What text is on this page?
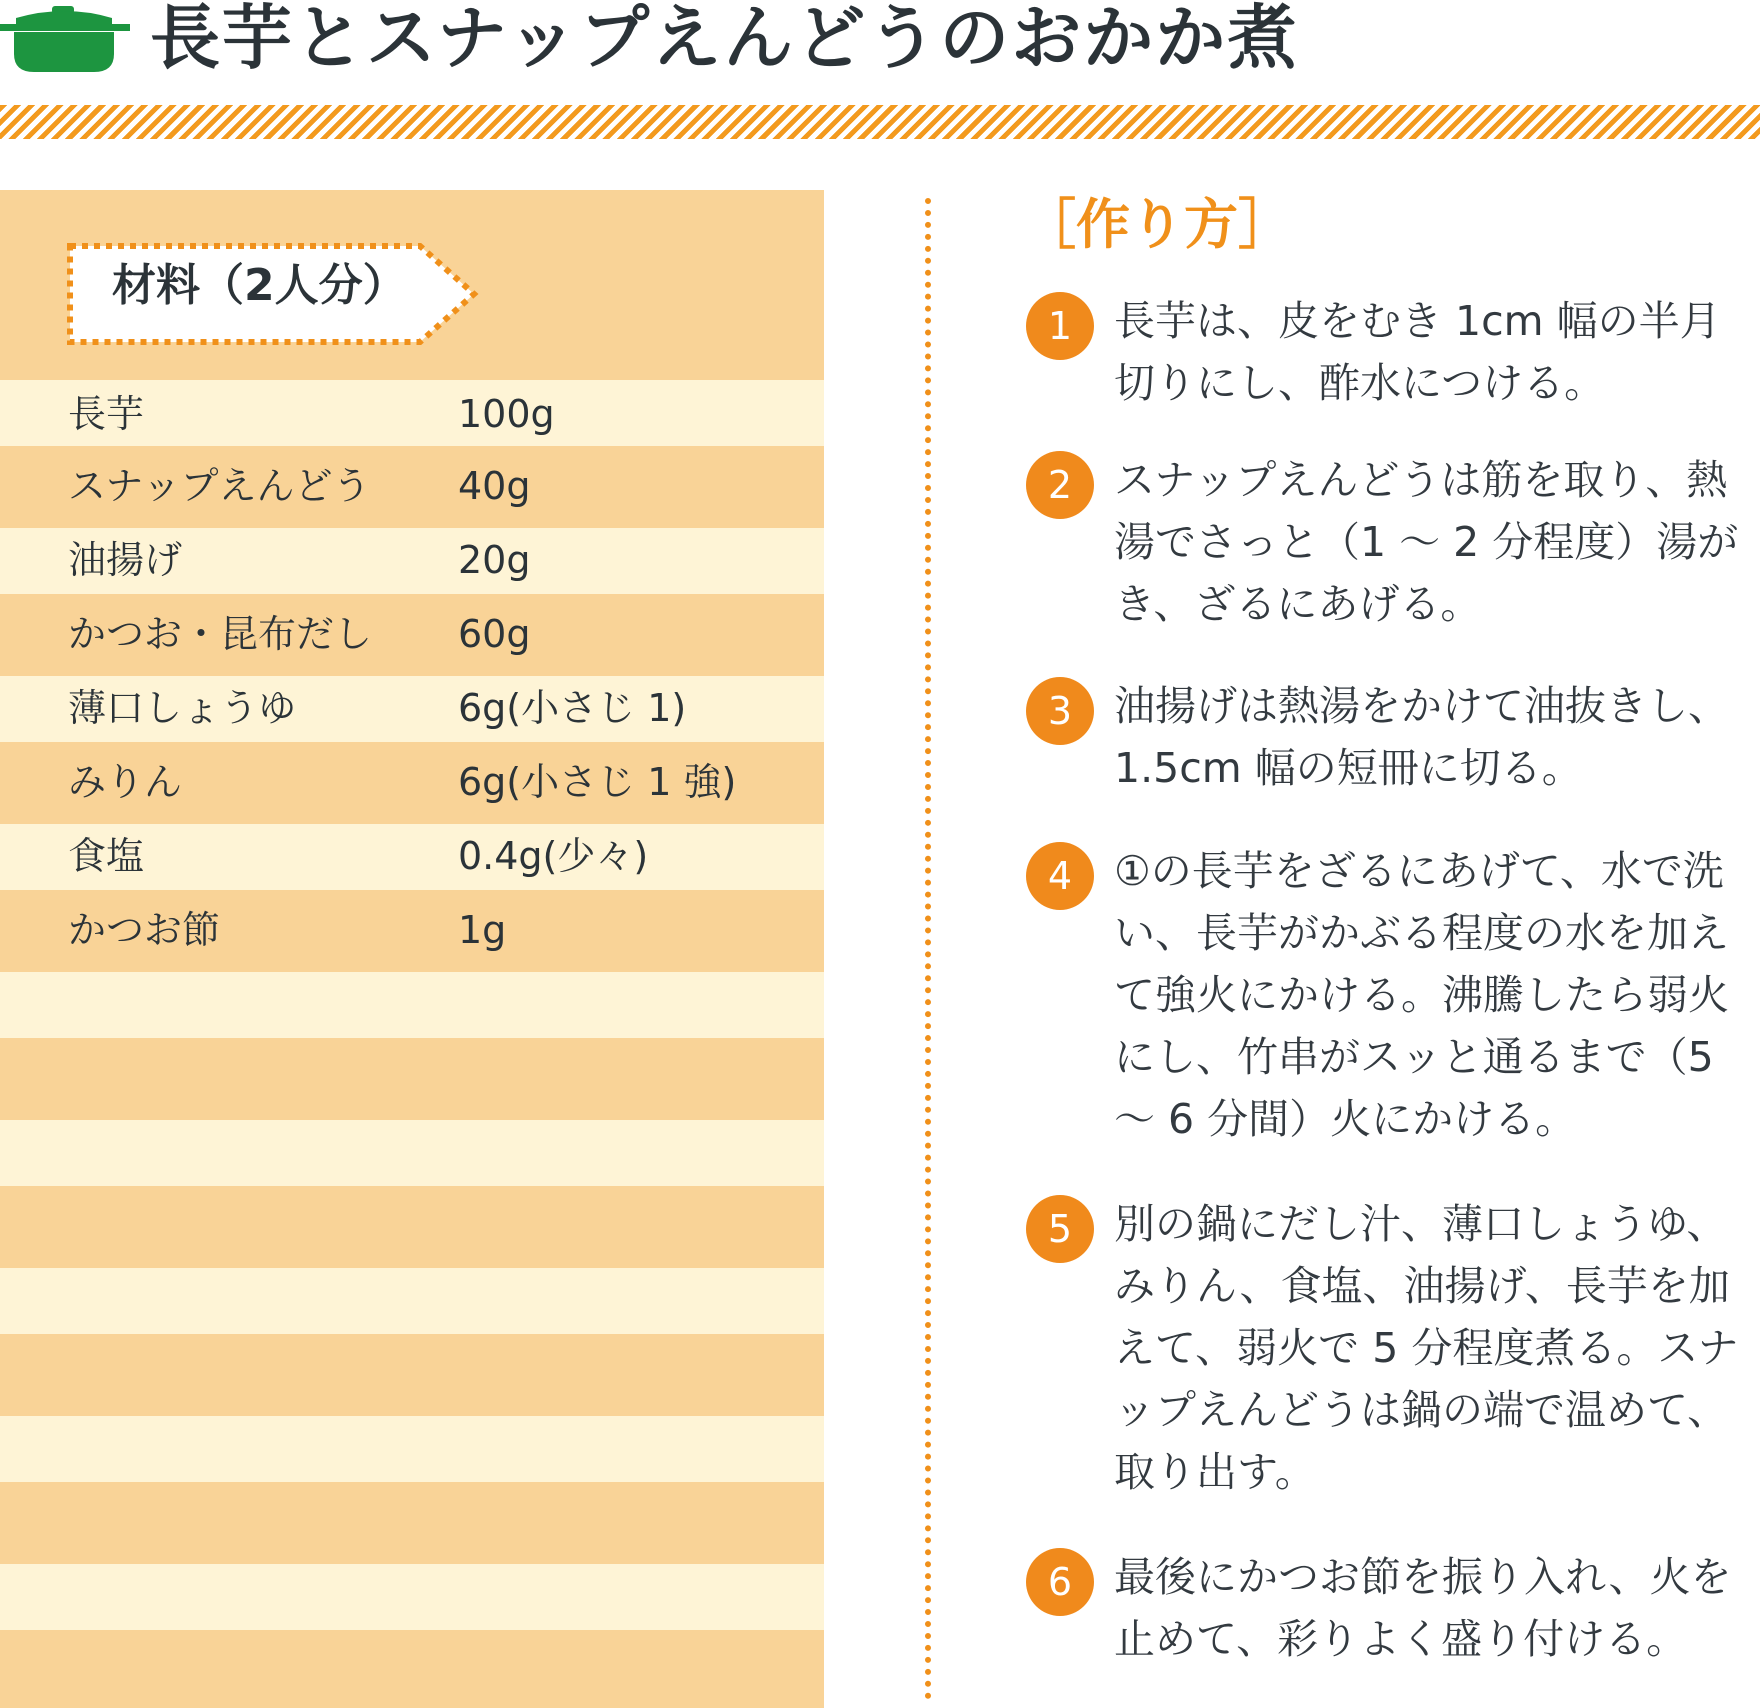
長芋とスナップえんどうのおかか煮
材料（2人分）
長芋	100g
スナップえんどう 40g
油揚げ	20g
かつお・昆布だし 60g
薄口しょうゆ	6g(小さじ 1)
みりん	6g(小さじ 1 強)
食塩	0.4g(少々)
かつお節	1g
［作り方］
1	長芋は、皮をむき 1cm 幅の半月切りにし、酢水につける。
2	スナップえんどうは筋を取り、熱湯でさっと（1 ～ 2 分程度）湯がき、ざるにあげる。
3	油揚げは熱湯をかけて油抜きし、1.5cm 幅の短冊に切る。
4	①の長芋をざるにあげて、水で洗い、長芋がかぶる程度の水を加えて強火にかける。沸騰したら弱火にし、竹串がスッと通るまで（5 ～ 6 分間）火にかける。
5	別の鍋にだし汁、薄口しょうゆ、みりん、食塩、油揚げ、長芋を加えて、弱火で 5 分程度煮る。スナップえんどうは鍋の端で温めて、取り出す。
6	最後にかつお節を振り入れ、火を止めて、彩りよく盛り付ける。
